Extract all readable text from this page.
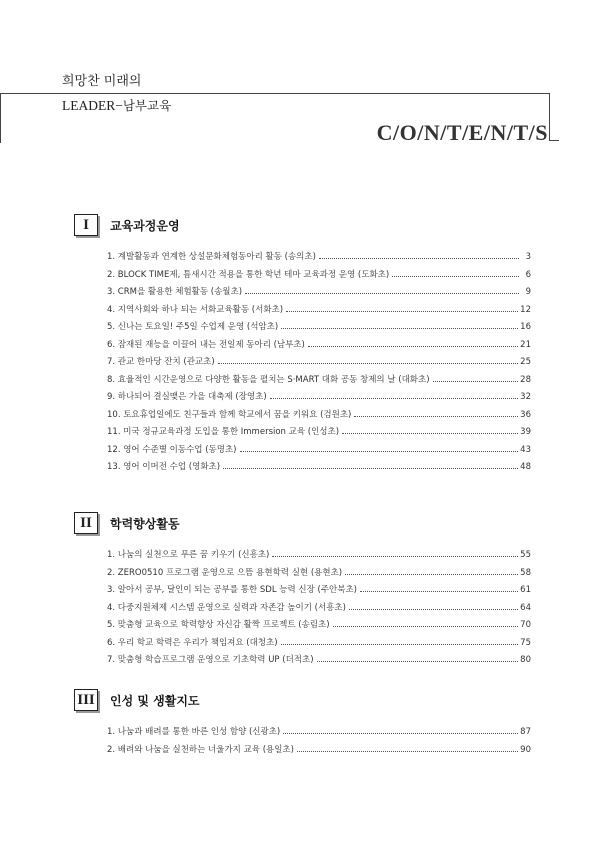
희망찬 미래의
LEADER−남부교육
C/O/N/T/E/N/T/S
I	교육과정운영
1. 계발활동과 연계한 상설문화체험동아리 활동 (송의초)	3
2. BLOCK TIME제, 틈새시간 적용을 통한 학년 테마 교육과정 운영 (도화초)	6
3. CRM을 활용한 체험활동 (송월초)	9
4. 지역사회와 하나 되는 서화교육활동 (서화초)	12
5. 신나는 토요일! 주5일 수업제 운영 (석암초)	16
6. 잠재된 재능을 이끌어 내는 전일제 동아리 (남부초)	21
7. 관교 한마당 잔치 (관교초)	25
8. 효율적인 시간운영으로 다양한 활동을 펼치는 S·MART 대화 공동 창제의 날 (대화초)	28
9. 하나되어 결실맺은 가을 대축제 (장영초)	32
10. 토요휴업일에도 친구들과 함께 학교에서 꿈을 키워요 (검원초)	36
11. 미국 정규교육과정 도입을 통한 Immersion 교육 (인성초)	39
12. 영어 수준별 이동수업 (동명초)	43
13. 영어 이머전 수업 (영화초)	48
II	학력향상활동
1. 나눔의 실천으로 푸른 꿈 키우기 (신흥초)	55
2. ZERO0510 프로그램 운영으로 으뜸 용현학력 실현 (용현초)	58
3. 알아서 공부, 달인이 되는 공부를 통한 SDL 능력 신장 (주안북초)	61
4. 다중지원체제 시스템 운영으로 실력과 자존감 높이기 (서흥초)	64
5. 맞춤형 교육으로 학력향상 자신감 활짝 프로젝트 (송림초)	70
6. 우리 학교 학력은 우리가 책임져요 (대청초)	75
7. 맞춤형 학습프로그램 운영으로 기초학력 UP (더적초)	80
III 인성 및 생활지도
1. 나눔과 배려를 통한 바른 인성 함양 (신광초)	87
2. 배려와 나눔을 실천하는 너울가지 교육 (용일초)	90
